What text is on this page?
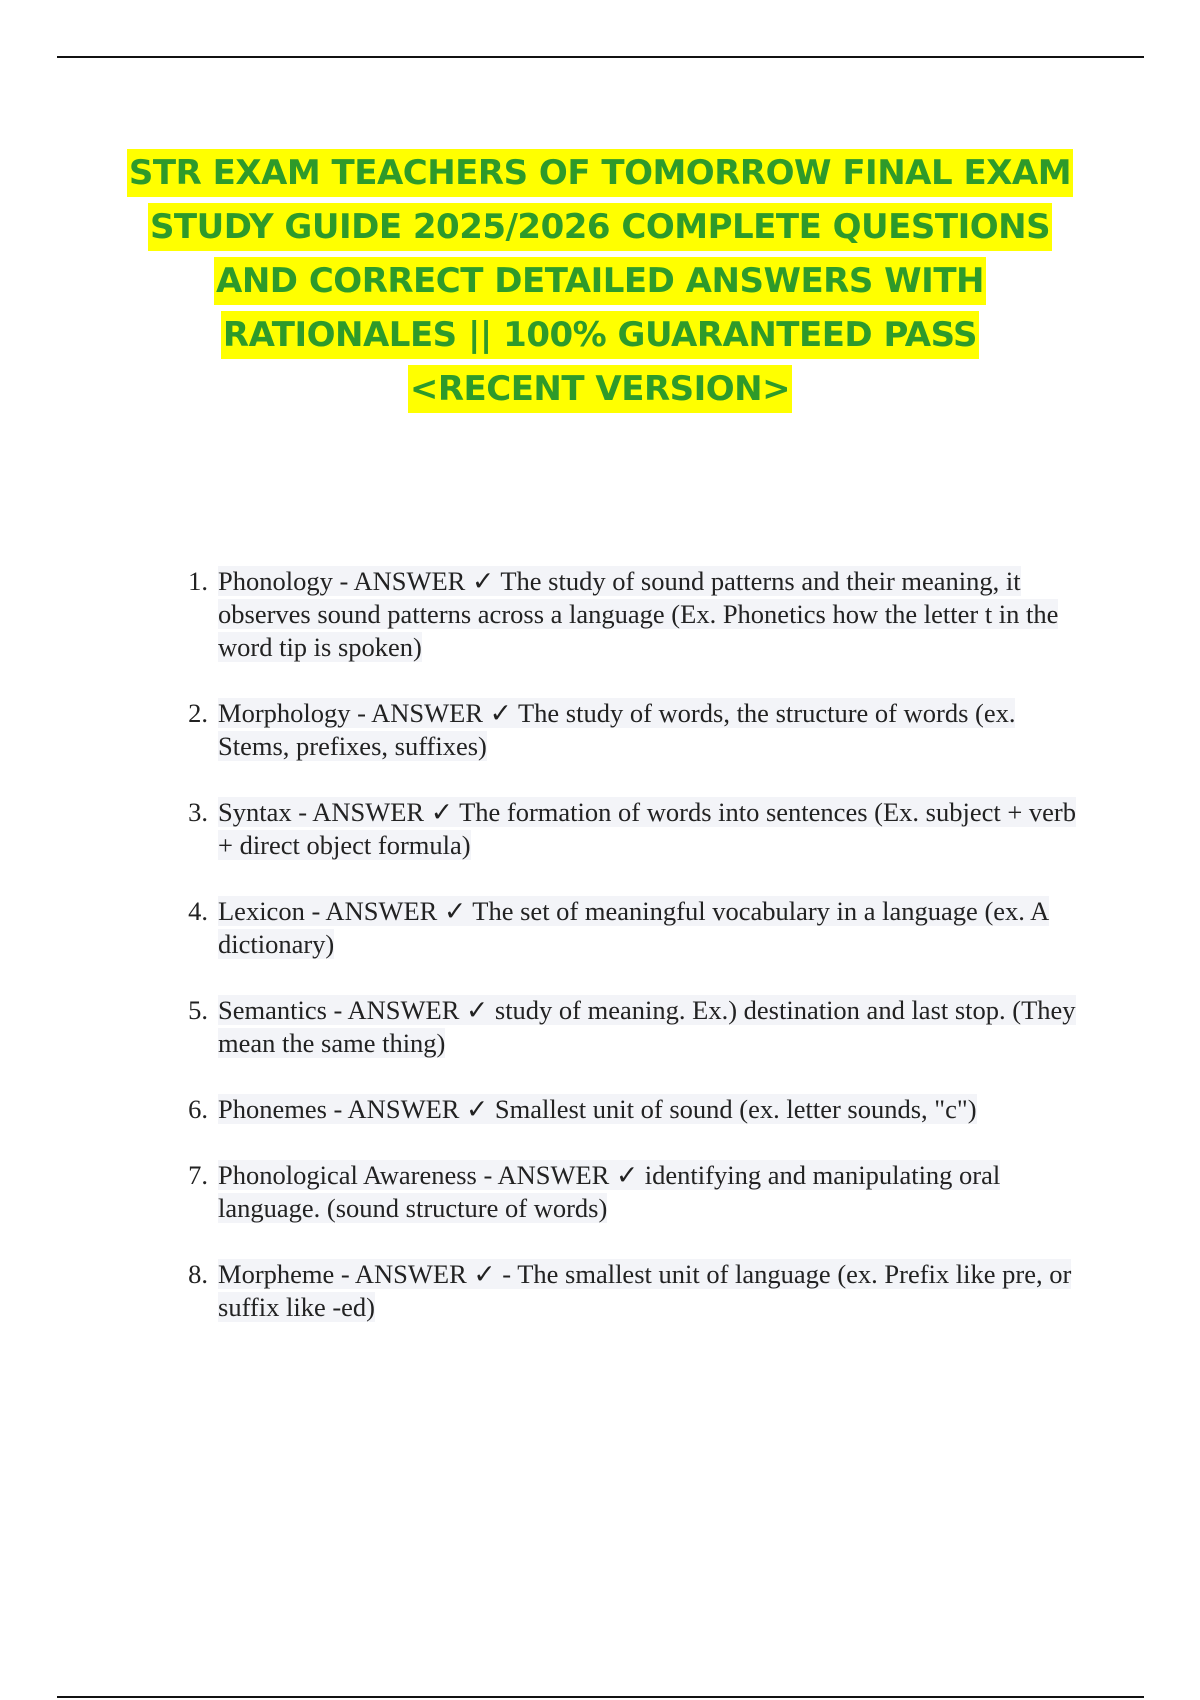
STR EXAM TEACHERS OF TOMORROW FINAL EXAM
STUDY GUIDE 2025/2026 COMPLETE QUESTIONS
AND CORRECT DETAILED ANSWERS WITH
RATIONALES || 100% GUARANTEED PASS
<RECENT VERSION>
1. Phonology - ANSWER ✓ The study of sound patterns and their meaning, it observes sound patterns across a language (Ex. Phonetics how the letter t in the word tip is spoken)
2. Morphology - ANSWER ✓ The study of words, the structure of words (ex. Stems, prefixes, suffixes)
3. Syntax - ANSWER ✓ The formation of words into sentences (Ex. subject + verb + direct object formula)
4. Lexicon - ANSWER ✓ The set of meaningful vocabulary in a language (ex. A dictionary)
5. Semantics - ANSWER ✓ study of meaning. Ex.) destination and last stop. (They mean the same thing)
6. Phonemes - ANSWER ✓ Smallest unit of sound (ex. letter sounds, "c")
7. Phonological Awareness - ANSWER ✓ identifying and manipulating oral language. (sound structure of words)
8. Morpheme - ANSWER ✓ - The smallest unit of language (ex. Prefix like pre, or suffix like -ed)
